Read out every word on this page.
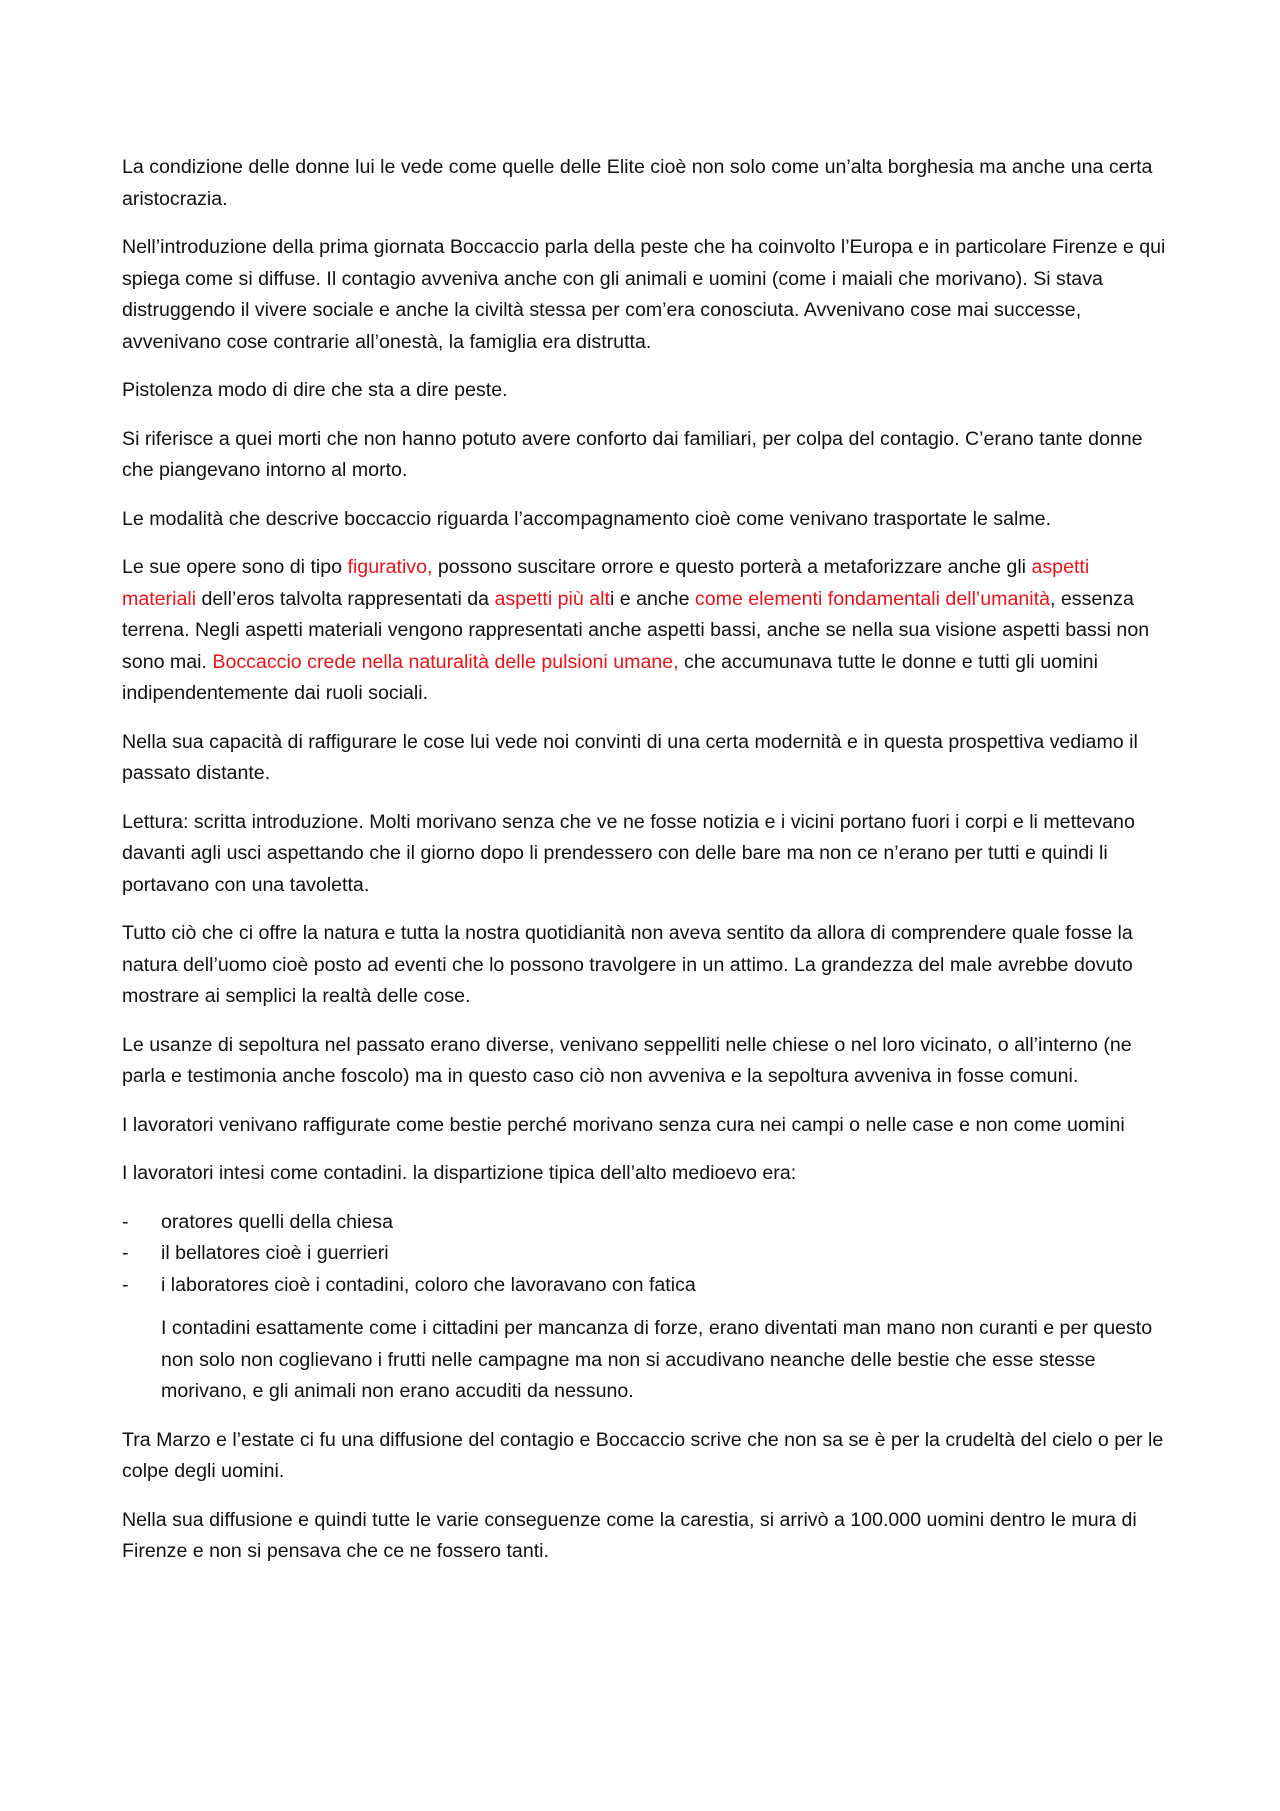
La condizione delle donne lui le vede come quelle delle Elite cioè non solo come un’alta borghesia ma anche una certa aristocrazia.

Nell’introduzione della prima giornata Boccaccio parla della peste che ha coinvolto l’Europa e in particolare Firenze e qui spiega come si diffuse. Il contagio avveniva anche con gli animali e uomini (come i maiali che morivano). Si stava distruggendo il vivere sociale e anche la civiltà stessa per com’era conosciuta. Avvenivano cose mai successe, avvenivano cose contrarie all’onestà, la famiglia era distrutta.

Pistolenza modo di dire che sta a dire peste.

Si riferisce a quei morti che non hanno potuto avere conforto dai familiari, per colpa del contagio. C’erano tante donne che piangevano intorno al morto.

Le modalità che descrive boccaccio riguarda l’accompagnamento cioè come venivano trasportate le salme.

Le sue opere sono di tipo figurativo, possono suscitare orrore e questo porterà a metaforizzare anche gli aspetti materiali dell’eros talvolta rappresentati da aspetti più alti e anche come elementi fondamentali dell’umanità, essenza terrena. Negli aspetti materiali vengono rappresentati anche aspetti bassi, anche se nella sua visione aspetti bassi non sono mai. Boccaccio crede nella naturalità delle pulsioni umane, che accumunava tutte le donne e tutti gli uomini indipendentemente dai ruoli sociali.

Nella sua capacità di raffigurare le cose lui vede noi convinti di una certa modernità e in questa prospettiva vediamo il passato distante.

Lettura: scritta introduzione. Molti morivano senza che ve ne fosse notizia e i vicini portano fuori i corpi e li mettevano davanti agli usci aspettando che il giorno dopo li prendessero con delle bare ma non ce n’erano per tutti e quindi li portavano con una tavoletta.

Tutto ciò che ci offre la natura e tutta la nostra quotidianità non aveva sentito da allora di comprendere quale fosse la natura dell’uomo cioè posto ad eventi che lo possono travolgere in un attimo. La grandezza del male avrebbe dovuto mostrare ai semplici la realtà delle cose.

Le usanze di sepoltura nel passato erano diverse, venivano seppelliti nelle chiese o nel loro vicinato, o all’interno (ne parla e testimonia anche foscolo) ma in questo caso ciò non avveniva e la sepoltura avveniva in fosse comuni.

I lavoratori venivano raffigurate come bestie perché morivano senza cura nei campi o nelle case e non come uomini

I lavoratori intesi come contadini. la dispartizione tipica dell’alto medioevo era:

- oratores quelli della chiesa
- il bellatores cioè i guerrieri
- i laboratores cioè i contadini, coloro che lavoravano con fatica

I contadini esattamente come i cittadini per mancanza di forze, erano diventati man mano non curanti e per questo non solo non coglievano i frutti nelle campagne ma non si accudivano neanche delle bestie che esse stesse morivano, e gli animali non erano accuditi da nessuno.

Tra Marzo e l’estate ci fu una diffusione del contagio e Boccaccio scrive che non sa se è per la crudeltà del cielo o per le colpe degli uomini.

Nella sua diffusione e quindi tutte le varie conseguenze come la carestia, si arrivò a 100.000 uomini dentro le mura di Firenze e non si pensava che ce ne fossero tanti.
